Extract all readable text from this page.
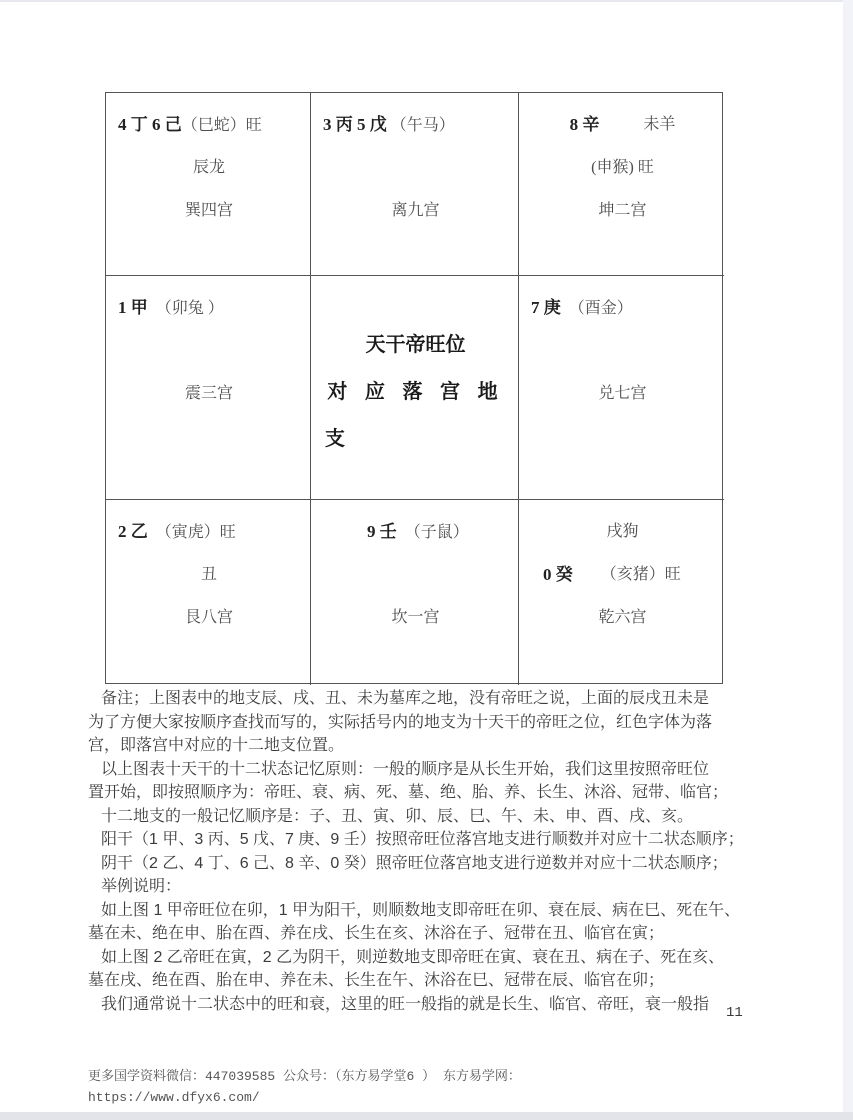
4 丁 6 己（巳蛇）旺
辰龙
巽四宫
3 丙 5 戊 （午马）
离九宫
8 辛	未羊
(申猴) 旺
坤二宫
1 甲  （卯兔 ）
震三宫
天干帝旺位
对 应 落 宫 地
支
7 庚  （酉金）
兑七宫
2 乙  （寅虎）旺
丑
艮八宫
9 壬  （子鼠）
坎一宫
戌狗
0 癸 （亥猪）旺
乾六宫
备注；上图表中的地支辰、戌、丑、未为墓库之地，没有帝旺之说，上面的辰戌丑未是
为了方便大家按顺序查找而写的，实际括号内的地支为十天干的帝旺之位，红色字体为落
宫，即落宫中对应的十二地支位置。
以上图表十天干的十二状态记忆原则：一般的顺序是从长生开始，我们这里按照帝旺位
置开始，即按照顺序为：帝旺、衰、病、死、墓、绝、胎、养、长生、沐浴、冠带、临官；
十二地支的一般记忆顺序是：子、丑、寅、卯、辰、巳、午、未、申、酉、戌、亥。
阳干（1 甲、3 丙、5 戊、7 庚、9 壬）按照帝旺位落宫地支进行顺数并对应十二状态顺序；
阴干（2 乙、4 丁、6 己、8 辛、0 癸）照帝旺位落宫地支进行逆数并对应十二状态顺序；
举例说明：
如上图 1 甲帝旺位在卯，1 甲为阳干，则顺数地支即帝旺在卯、衰在辰、病在巳、死在午、
墓在未、绝在申、胎在酉、养在戌、长生在亥、沐浴在子、冠带在丑、临官在寅；
如上图 2 乙帝旺在寅，2 乙为阴干，则逆数地支即帝旺在寅、衰在丑、病在子、死在亥、
墓在戌、绝在酉、胎在申、养在未、长生在午、沐浴在巳、冠带在辰、临官在卯；
我们通常说十二状态中的旺和衰，这里的旺一般指的就是长生、临官、帝旺，衰一般指
11
更多国学资料微信：447039585 公众号：（东方易学堂6 ） 东方易学网：
https://www.dfyx6.com/
